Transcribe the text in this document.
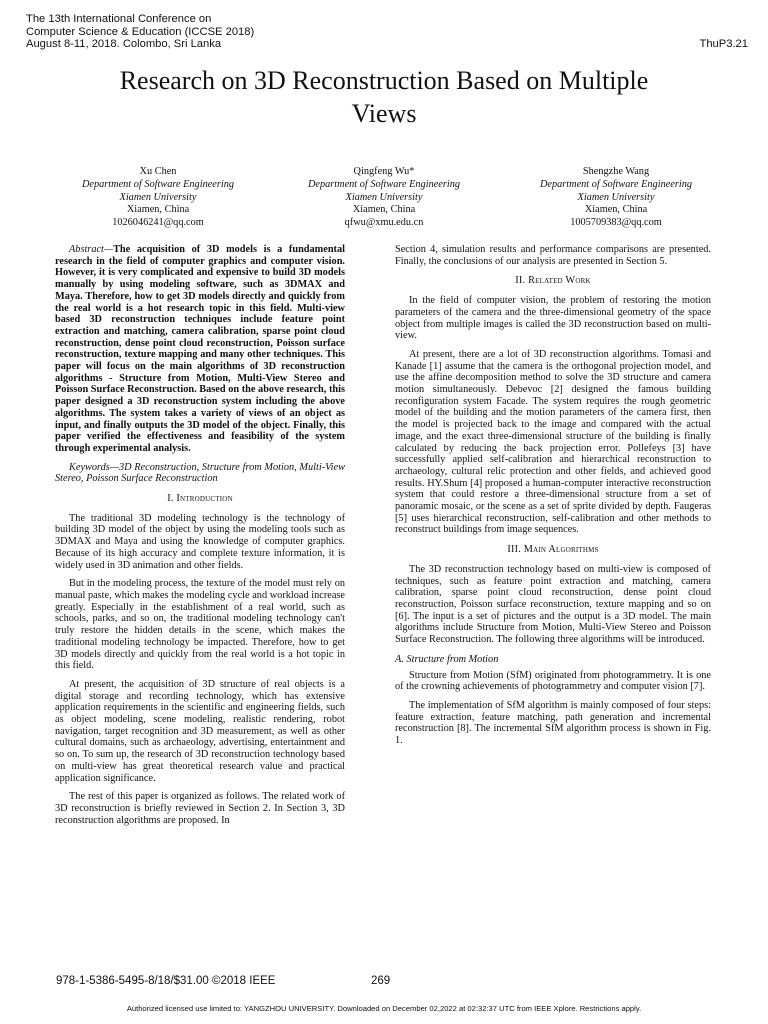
The 13th International Conference on
Computer Science & Education (ICCSE 2018)
August 8-11, 2018. Colombo, Sri Lanka	ThuP3.21
Research on 3D Reconstruction Based on Multiple
Views
Xu Chen
Department of Software Engineering
Xiamen University
Xiamen, China
1026046241@qq.com
Qingfeng Wu*
Department of Software Engineering
Xiamen University
Xiamen, China
qfwu@xmu.edu.cn
Shengzhe Wang
Department of Software Engineering
Xiamen University
Xiamen, China
1005709383@qq.com

Abstract—The acquisition of 3D models is a fundamental research in the field of computer graphics and computer vision. However, it is very complicated and expensive to build 3D models manually by using modeling software, such as 3DMAX and Maya. Therefore, how to get 3D models directly and quickly from the real world is a hot research topic in this field. Multi-view based 3D reconstruction techniques include feature point extraction and matching, camera calibration, sparse point cloud reconstruction, dense point cloud reconstruction, Poisson surface reconstruction, texture mapping and many other techniques. This paper will focus on the main algorithms of 3D reconstruction algorithms - Structure from Motion, Multi-View Stereo and Poisson Surface Reconstruction. Based on the above research, this paper designed a 3D reconstruction system including the above algorithms. The system takes a variety of views of an object as input, and finally outputs the 3D model of the object. Finally, this paper verified the effectiveness and feasibility of the system through experimental analysis.

Keywords—3D Reconstruction, Structure from Motion, Multi-View Stereo, Poisson Surface Reconstruction

I. Introduction

The traditional 3D modeling technology is the technology of building 3D model of the object by using the modeling tools such as 3DMAX and Maya and using the knowledge of computer graphics. Because of its high accuracy and complete texture information, it is widely used in 3D animation and other fields.

But in the modeling process, the texture of the model must rely on manual paste, which makes the modeling cycle and workload increase greatly. Especially in the establishment of a real world, such as schools, parks, and so on, the traditional modeling technology can't truly restore the hidden details in the scene, which makes the traditional modeling technology be impacted. Therefore, how to get 3D models directly and quickly from the real world is a hot topic in this field.

At present, the acquisition of 3D structure of real objects is a digital storage and recording technology, which has extensive application requirements in the scientific and engineering fields, such as object modeling, scene modeling, realistic rendering, robot navigation, target recognition and 3D measurement, as well as other cultural domains, such as archaeology, advertising, entertainment and so on. To sum up, the research of 3D reconstruction technology based on multi-view has great theoretical research value and practical application significance.

The rest of this paper is organized as follows. The related work of 3D reconstruction is briefly reviewed in Section 2. In Section 3, 3D reconstruction algorithms are proposed. In

Section 4, simulation results and performance comparisons are presented. Finally, the conclusions of our analysis are presented in Section 5.

II. Related Work

In the field of computer vision, the problem of restoring the motion parameters of the camera and the three-dimensional geometry of the space object from multiple images is called the 3D reconstruction based on multi-view.

At present, there are a lot of 3D reconstruction algorithms. Tomasi and Kanade [1] assume that the camera is the orthogonal projection model, and use the affine decomposition method to solve the 3D structure and camera motion simultaneously. Debevoc [2] designed the famous building reconfiguration system Facade. The system requires the rough geometric model of the building and the motion parameters of the camera first, then the model is projected back to the image and compared with the actual image, and the exact three-dimensional structure of the building is finally calculated by reducing the back projection error. Pollefeys [3] have successfully applied self-calibration and hierarchical reconstruction to archaeology, cultural relic protection and other fields, and achieved good results. HY.Shum [4] proposed a human-computer interactive reconstruction system that could restore a three-dimensional structure from a set of panoramic mosaic, or the scene as a set of sprite divided by depth. Faugeras [5] uses hierarchical reconstruction, self-calibration and other methods to reconstruct buildings from image sequences.

III. Main Algorithms

The 3D reconstruction technology based on multi-view is composed of techniques, such as feature point extraction and matching, camera calibration, sparse point cloud reconstruction, dense point cloud reconstruction, Poisson surface reconstruction, texture mapping and so on [6]. The input is a set of pictures and the output is a 3D model. The main algorithms include Structure from Motion, Multi-View Stereo and Poisson Surface Reconstruction. The following three algorithms will be introduced.

A. Structure from Motion

Structure from Motion (SfM) originated from photogrammetry. It is one of the crowning achievements of photogrammetry and computer vision [7].

The implementation of SfM algorithm is mainly composed of four steps: feature extraction, feature matching, path generation and incremental reconstruction [8]. The incremental SfM algorithm process is shown in Fig. 1.

978-1-5386-5495-8/18/$31.00 ©2018 IEEE	269
Authorized licensed use limited to: YANGZHOU UNIVERSITY. Downloaded on December 02,2022 at 02:32:37 UTC from IEEE Xplore. Restrictions apply.
